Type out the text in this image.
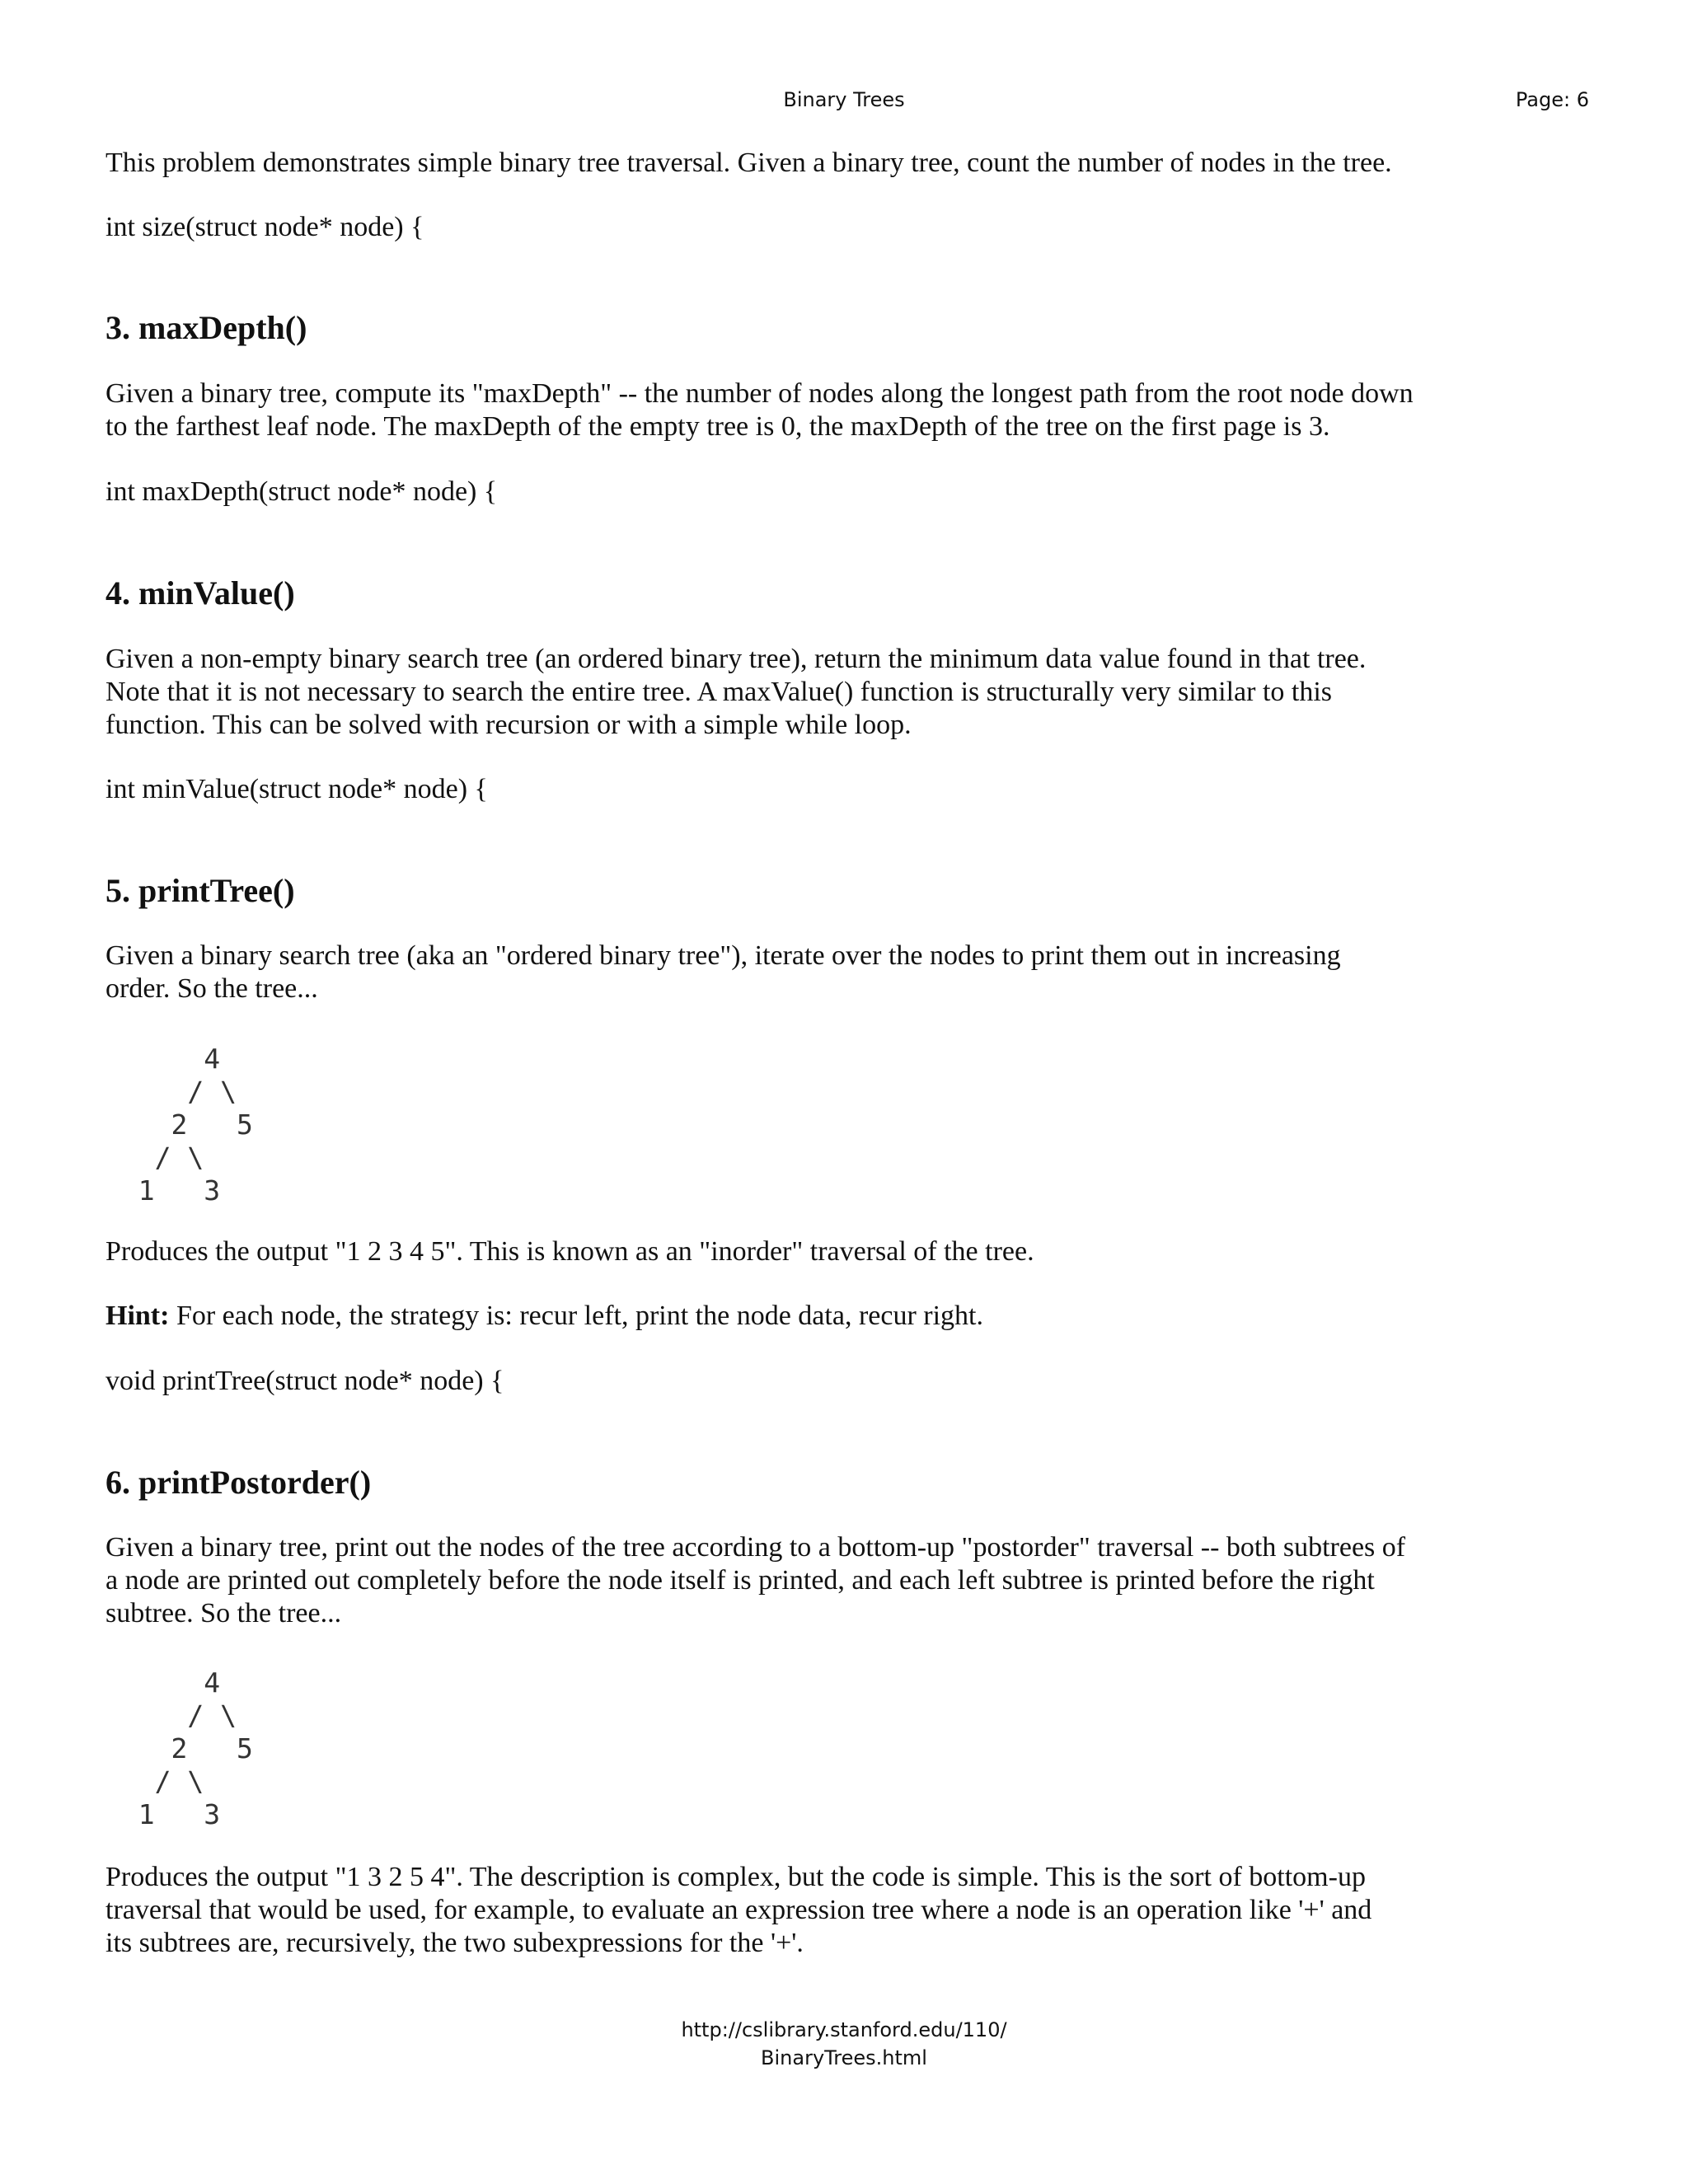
Binary Trees	Page: 6

This problem demonstrates simple binary tree traversal. Given a binary tree, count the number of nodes in the tree.

int size(struct node* node) {

3. maxDepth()

Given a binary tree, compute its "maxDepth" -- the number of nodes along the longest path from the root node down
to the farthest leaf node. The maxDepth of the empty tree is 0, the maxDepth of the tree on the first page is 3.

int maxDepth(struct node* node) {

4. minValue()

Given a non-empty binary search tree (an ordered binary tree), return the minimum data value found in that tree.
Note that it is not necessary to search the entire tree. A maxValue() function is structurally very similar to this
function. This can be solved with recursion or with a simple while loop.

int minValue(struct node* node) {

5. printTree()

Given a binary search tree (aka an "ordered binary tree"), iterate over the nodes to print them out in increasing
order. So the tree...

4
/ \
2   5
/ \
1   3

Produces the output "1 2 3 4 5". This is known as an "inorder" traversal of the tree.

Hint: For each node, the strategy is: recur left, print the node data, recur right.

void printTree(struct node* node) {

6. printPostorder()

Given a binary tree, print out the nodes of the tree according to a bottom-up "postorder" traversal -- both subtrees of
a node are printed out completely before the node itself is printed, and each left subtree is printed before the right
subtree. So the tree...

4
/ \
2   5
/ \
1   3

Produces the output "1 3 2 5 4". The description is complex, but the code is simple. This is the sort of bottom-up
traversal that would be used, for example, to evaluate an expression tree where a node is an operation like '+' and
its subtrees are, recursively, the two subexpressions for the '+'.

http://cslibrary.stanford.edu/110/
BinaryTrees.html
